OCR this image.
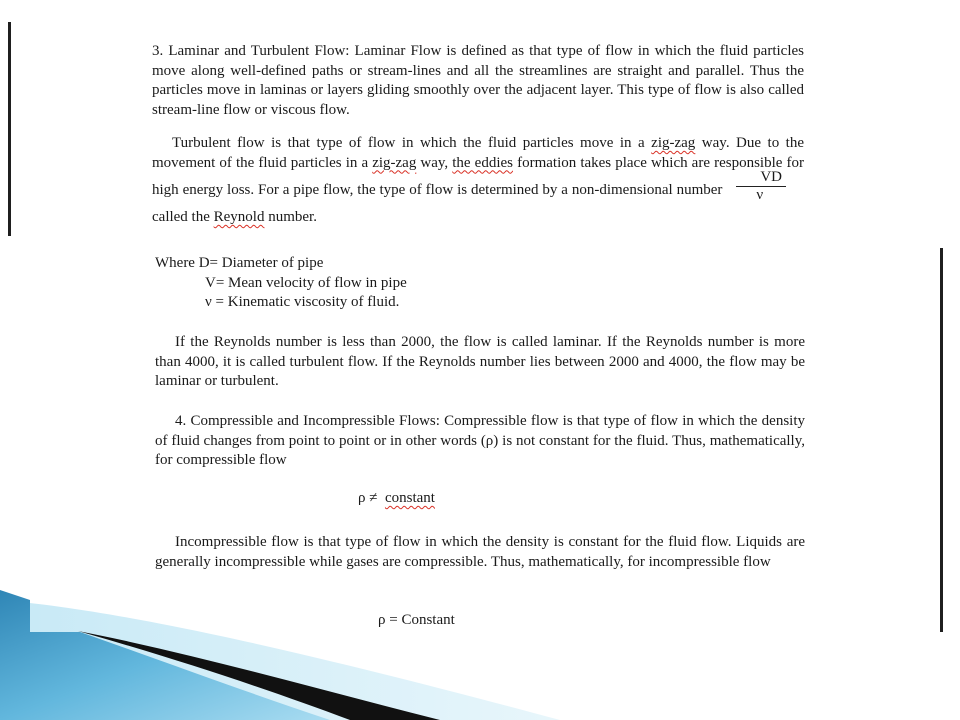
3. Laminar and Turbulent Flow: Laminar Flow is defined as that type of flow in which the fluid particles move along well-defined paths or stream-lines and all the streamlines are straight and parallel. Thus the particles move in laminas or layers gliding smoothly over the adjacent layer. This type of flow is also called stream-line flow or viscous flow.

Turbulent flow is that type of flow in which the fluid particles move in a zig-zag way. Due to the movement of the fluid particles in a zig-zag way, the eddies formation takes place which are responsible for high energy loss. For a pipe flow, the type of flow is determined by a non-dimensional number $\frac{VD}{\nu}$
called the Reynold number.

Where D= Diameter of pipe
V= Mean velocity of flow in pipe
ν = Kinematic viscosity of fluid.

If the Reynolds number is less than 2000, the flow is called laminar. If the Reynolds number is more than 4000, it is called turbulent flow. If the Reynolds number lies between 2000 and 4000, the flow may be laminar or turbulent.

4. Compressible and Incompressible Flows: Compressible flow is that type of flow in which the density of fluid changes from point to point or in other words (ρ) is not constant for the fluid. Thus, mathematically, for compressible flow

ρ ≠ constant

Incompressible flow is that type of flow in which the density is constant for the fluid flow. Liquids are generally incompressible while gases are compressible. Thus, mathematically, for incompressible flow

ρ = Constant
